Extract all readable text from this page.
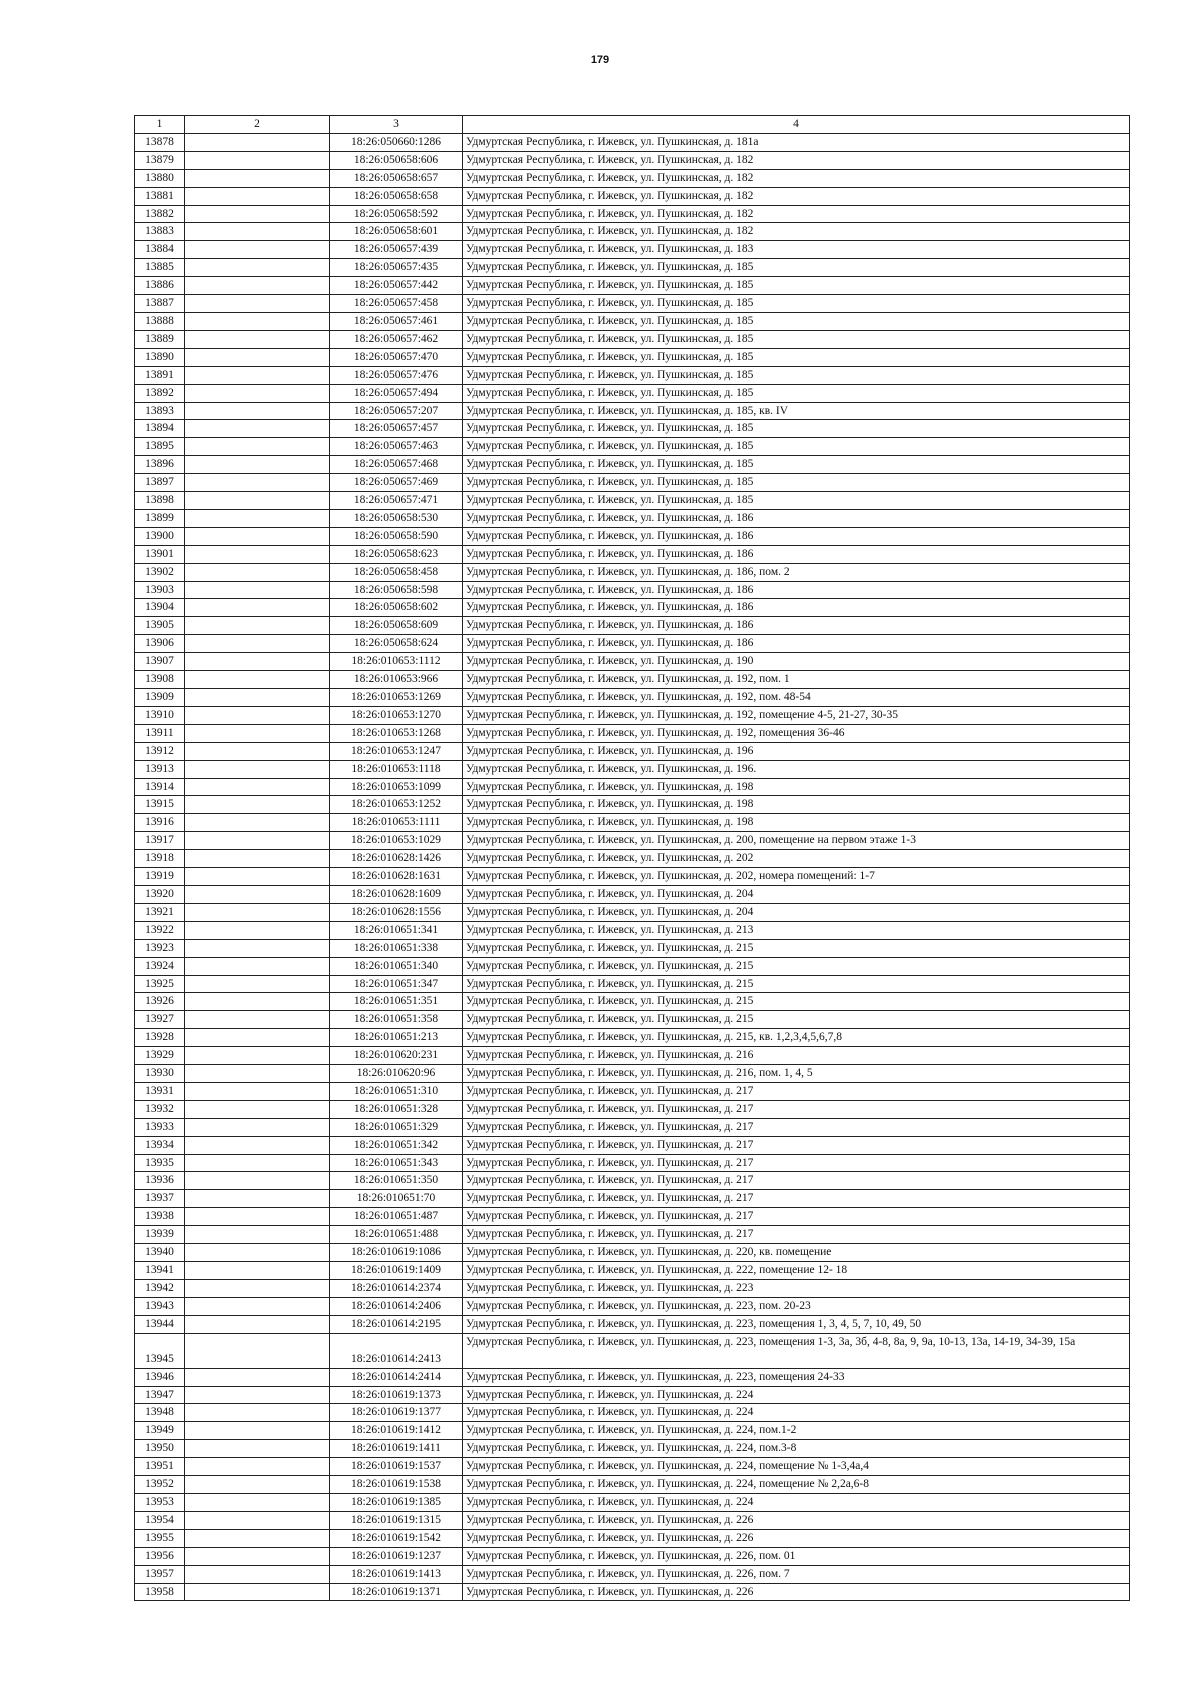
179
1	2	3	4
13878		18:26:050660:1286	Удмуртская Республика, г. Ижевск, ул. Пушкинская, д. 181а
13879		18:26:050658:606	Удмуртская Республика, г. Ижевск, ул. Пушкинская, д. 182
13880		18:26:050658:657	Удмуртская Республика, г. Ижевск, ул. Пушкинская, д. 182
13881		18:26:050658:658	Удмуртская Республика, г. Ижевск, ул. Пушкинская, д. 182
13882		18:26:050658:592	Удмуртская Республика, г. Ижевск, ул. Пушкинская, д. 182
13883		18:26:050658:601	Удмуртская Республика, г. Ижевск, ул. Пушкинская, д. 182
13884		18:26:050657:439	Удмуртская Республика, г. Ижевск, ул. Пушкинская, д. 183
13885		18:26:050657:435	Удмуртская Республика, г. Ижевск, ул. Пушкинская, д. 185
13886		18:26:050657:442	Удмуртская Республика, г. Ижевск, ул. Пушкинская, д. 185
13887		18:26:050657:458	Удмуртская Республика, г. Ижевск, ул. Пушкинская, д. 185
13888		18:26:050657:461	Удмуртская Республика, г. Ижевск, ул. Пушкинская, д. 185
13889		18:26:050657:462	Удмуртская Республика, г. Ижевск, ул. Пушкинская, д. 185
13890		18:26:050657:470	Удмуртская Республика, г. Ижевск, ул. Пушкинская, д. 185
13891		18:26:050657:476	Удмуртская Республика, г. Ижевск, ул. Пушкинская, д. 185
13892		18:26:050657:494	Удмуртская Республика, г. Ижевск, ул. Пушкинская, д. 185
13893		18:26:050657:207	Удмуртская Республика, г. Ижевск, ул. Пушкинская, д. 185, кв. IV
13894		18:26:050657:457	Удмуртская Республика, г. Ижевск, ул. Пушкинская, д. 185
13895		18:26:050657:463	Удмуртская Республика, г. Ижевск, ул. Пушкинская, д. 185
13896		18:26:050657:468	Удмуртская Республика, г. Ижевск, ул. Пушкинская, д. 185
13897		18:26:050657:469	Удмуртская Республика, г. Ижевск, ул. Пушкинская, д. 185
13898		18:26:050657:471	Удмуртская Республика, г. Ижевск, ул. Пушкинская, д. 185
13899		18:26:050658:530	Удмуртская Республика, г. Ижевск, ул. Пушкинская, д. 186
13900		18:26:050658:590	Удмуртская Республика, г. Ижевск, ул. Пушкинская, д. 186
13901		18:26:050658:623	Удмуртская Республика, г. Ижевск, ул. Пушкинская, д. 186
13902		18:26:050658:458	Удмуртская Республика, г. Ижевск, ул. Пушкинская, д. 186, пом. 2
13903		18:26:050658:598	Удмуртская Республика, г. Ижевск, ул. Пушкинская, д. 186
13904		18:26:050658:602	Удмуртская Республика, г. Ижевск, ул. Пушкинская, д. 186
13905		18:26:050658:609	Удмуртская Республика, г. Ижевск, ул. Пушкинская, д. 186
13906		18:26:050658:624	Удмуртская Республика, г. Ижевск, ул. Пушкинская, д. 186
13907		18:26:010653:1112	Удмуртская Республика, г. Ижевск, ул. Пушкинская, д. 190
13908		18:26:010653:966	Удмуртская Республика, г. Ижевск, ул. Пушкинская, д. 192, пом. 1
13909		18:26:010653:1269	Удмуртская Республика, г. Ижевск, ул. Пушкинская, д. 192, пом. 48-54
13910		18:26:010653:1270	Удмуртская Республика, г. Ижевск, ул. Пушкинская, д. 192, помещение 4-5, 21-27, 30-35
13911		18:26:010653:1268	Удмуртская Республика, г. Ижевск, ул. Пушкинская, д. 192, помещения 36-46
13912		18:26:010653:1247	Удмуртская Республика, г. Ижевск, ул. Пушкинская, д. 196
13913		18:26:010653:1118	Удмуртская Республика, г. Ижевск, ул. Пушкинская, д. 196.
13914		18:26:010653:1099	Удмуртская Республика, г. Ижевск, ул. Пушкинская, д. 198
13915		18:26:010653:1252	Удмуртская Республика, г. Ижевск, ул. Пушкинская, д. 198
13916		18:26:010653:1111	Удмуртская Республика, г. Ижевск, ул. Пушкинская, д. 198
13917		18:26:010653:1029	Удмуртская Республика, г. Ижевск, ул. Пушкинская, д. 200, помещение на первом этаже 1-3
13918		18:26:010628:1426	Удмуртская Республика, г. Ижевск, ул. Пушкинская, д. 202
13919		18:26:010628:1631	Удмуртская Республика, г. Ижевск, ул. Пушкинская, д. 202, номера помещений: 1-7
13920		18:26:010628:1609	Удмуртская Республика, г. Ижевск, ул. Пушкинская, д. 204
13921		18:26:010628:1556	Удмуртская Республика, г. Ижевск, ул. Пушкинская, д. 204
13922		18:26:010651:341	Удмуртская Республика, г. Ижевск, ул. Пушкинская, д. 213
13923		18:26:010651:338	Удмуртская Республика, г. Ижевск, ул. Пушкинская, д. 215
13924		18:26:010651:340	Удмуртская Республика, г. Ижевск, ул. Пушкинская, д. 215
13925		18:26:010651:347	Удмуртская Республика, г. Ижевск, ул. Пушкинская, д. 215
13926		18:26:010651:351	Удмуртская Республика, г. Ижевск, ул. Пушкинская, д. 215
13927		18:26:010651:358	Удмуртская Республика, г. Ижевск, ул. Пушкинская, д. 215
13928		18:26:010651:213	Удмуртская Республика, г. Ижевск, ул. Пушкинская, д. 215, кв. 1,2,3,4,5,6,7,8
13929		18:26:010620:231	Удмуртская Республика, г. Ижевск, ул. Пушкинская, д. 216
13930		18:26:010620:96	Удмуртская Республика, г. Ижевск, ул. Пушкинская, д. 216, пом. 1, 4, 5
13931		18:26:010651:310	Удмуртская Республика, г. Ижевск, ул. Пушкинская, д. 217
13932		18:26:010651:328	Удмуртская Республика, г. Ижевск, ул. Пушкинская, д. 217
13933		18:26:010651:329	Удмуртская Республика, г. Ижевск, ул. Пушкинская, д. 217
13934		18:26:010651:342	Удмуртская Республика, г. Ижевск, ул. Пушкинская, д. 217
13935		18:26:010651:343	Удмуртская Республика, г. Ижевск, ул. Пушкинская, д. 217
13936		18:26:010651:350	Удмуртская Республика, г. Ижевск, ул. Пушкинская, д. 217
13937		18:26:010651:70	Удмуртская Республика, г. Ижевск, ул. Пушкинская, д. 217
13938		18:26:010651:487	Удмуртская Республика, г. Ижевск, ул. Пушкинская, д. 217
13939		18:26:010651:488	Удмуртская Республика, г. Ижевск, ул. Пушкинская, д. 217
13940		18:26:010619:1086	Удмуртская Республика, г. Ижевск, ул. Пушкинская, д. 220, кв. помещение
13941		18:26:010619:1409	Удмуртская Республика, г. Ижевск, ул. Пушкинская, д. 222, помещение 12- 18
13942		18:26:010614:2374	Удмуртская Республика, г. Ижевск, ул. Пушкинская, д. 223
13943		18:26:010614:2406	Удмуртская Республика, г. Ижевск, ул. Пушкинская, д. 223, пом. 20-23
13944		18:26:010614:2195	Удмуртская Республика, г. Ижевск, ул. Пушкинская, д. 223, помещения 1, 3, 4, 5, 7, 10, 49, 50
13945		18:26:010614:2413	Удмуртская Республика, г. Ижевск, ул. Пушкинская, д. 223, помещения 1-3, 3а, 3б, 4-8, 8а, 9, 9а, 10-13, 13а, 14-19, 34-39, 15а
13946		18:26:010614:2414	Удмуртская Республика, г. Ижевск, ул. Пушкинская, д. 223, помещения 24-33
13947		18:26:010619:1373	Удмуртская Республика, г. Ижевск, ул. Пушкинская, д. 224
13948		18:26:010619:1377	Удмуртская Республика, г. Ижевск, ул. Пушкинская, д. 224
13949		18:26:010619:1412	Удмуртская Республика, г. Ижевск, ул. Пушкинская, д. 224, пом.1-2
13950		18:26:010619:1411	Удмуртская Республика, г. Ижевск, ул. Пушкинская, д. 224, пом.3-8
13951		18:26:010619:1537	Удмуртская Республика, г. Ижевск, ул. Пушкинская, д. 224, помещение № 1-3,4а,4
13952		18:26:010619:1538	Удмуртская Республика, г. Ижевск, ул. Пушкинская, д. 224, помещение № 2,2а,6-8
13953		18:26:010619:1385	Удмуртская Республика, г. Ижевск, ул. Пушкинская, д. 224
13954		18:26:010619:1315	Удмуртская Республика, г. Ижевск, ул. Пушкинская, д. 226
13955		18:26:010619:1542	Удмуртская Республика, г. Ижевск, ул. Пушкинская, д. 226
13956		18:26:010619:1237	Удмуртская Республика, г. Ижевск, ул. Пушкинская, д. 226, пом. 01
13957		18:26:010619:1413	Удмуртская Республика, г. Ижевск, ул. Пушкинская, д. 226, пом. 7
13958		18:26:010619:1371	Удмуртская Республика, г. Ижевск, ул. Пушкинская, д. 226
